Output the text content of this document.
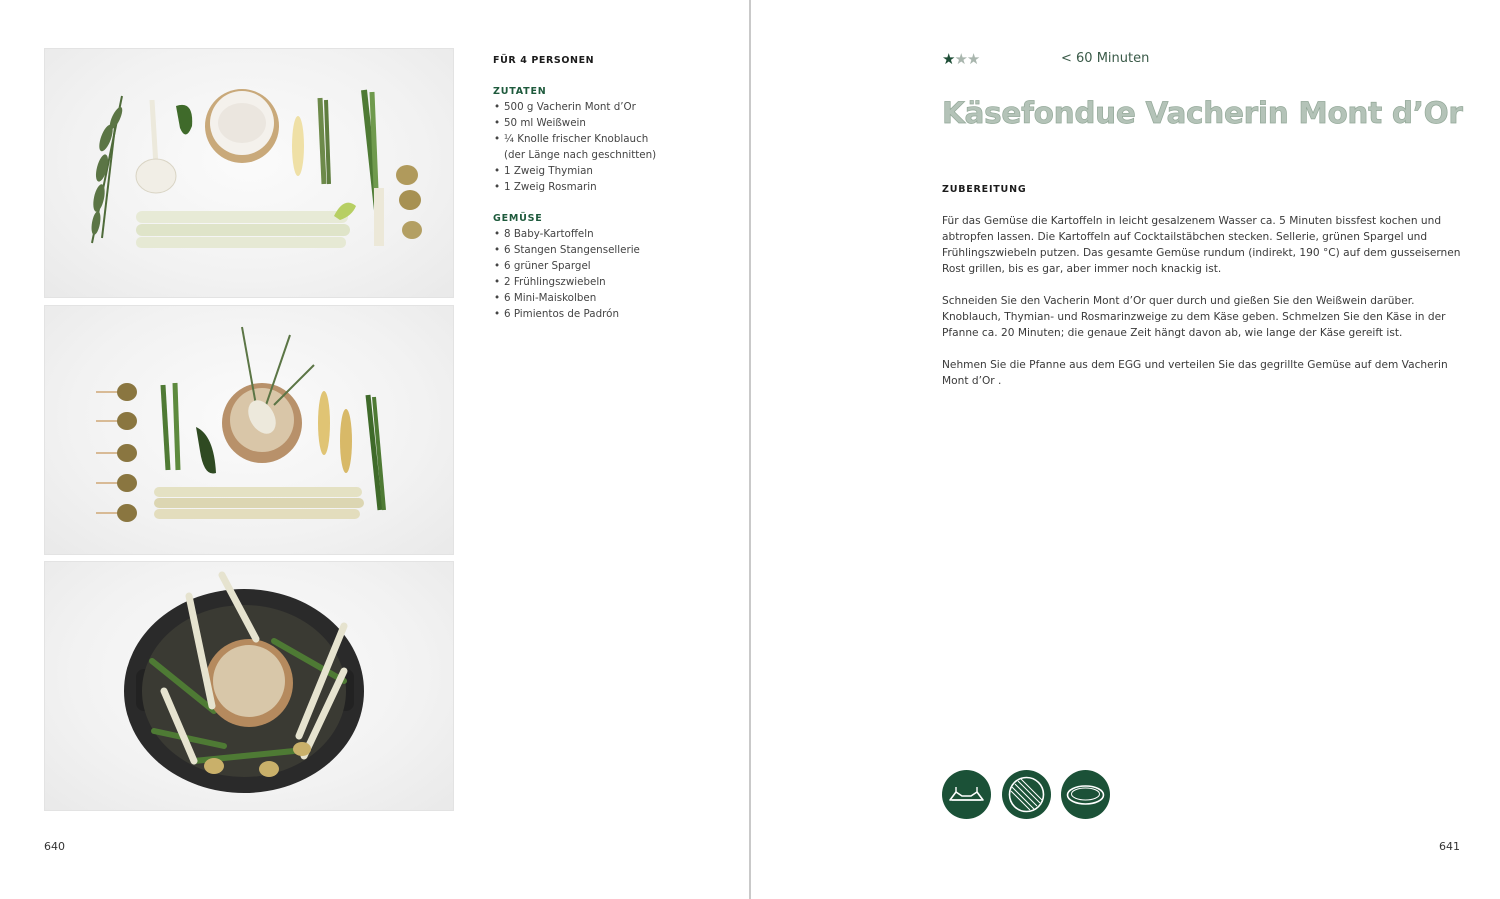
FÜR 4 PERSONEN
ZUTATEN
• 500 g Vacherin Mont d’Or
• 50 ml Weißwein
• ¼ Knolle frischer Knoblauch
(der Länge nach geschnitten)
• 1 Zweig Thymian
• 1 Zweig Rosmarin
GEMÜSE
• 8 Baby-Kartoffeln
• 6 Stangen Stangensellerie
• 6 grüner Spargel
• 2 Frühlingszwiebeln
• 6 Mini-Maiskolben
• 6 Pimientos de Padrón
640
★★★	< 60 Minuten
Käsefondue Vacherin Mont d’Or
ZUBEREITUNG

Für das Gemüse die Kartoffeln in leicht gesalzenem Wasser ca. 5 Minuten bissfest kochen und abtropfen lassen. Die Kartoffeln auf Cocktailstäbchen stecken. Sellerie, grünen Spargel und Frühlingszwiebeln putzen. Das gesamte Gemüse rundum (indirekt, 190 °C) auf dem gusseisernen Rost grillen, bis es gar, aber immer noch knackig ist.

Schneiden Sie den Vacherin Mont d’Or quer durch und gießen Sie den Weißwein darüber. Knoblauch, Thymian- und Rosmarinzweige zu dem Käse geben. Schmelzen Sie den Käse in der Pfanne ca. 20 Minuten; die genaue Zeit hängt davon ab, wie lange der Käse gereift ist.

Nehmen Sie die Pfanne aus dem EGG und verteilen Sie das gegrillte Gemüse auf dem Vacherin Mont d’Or .

641
